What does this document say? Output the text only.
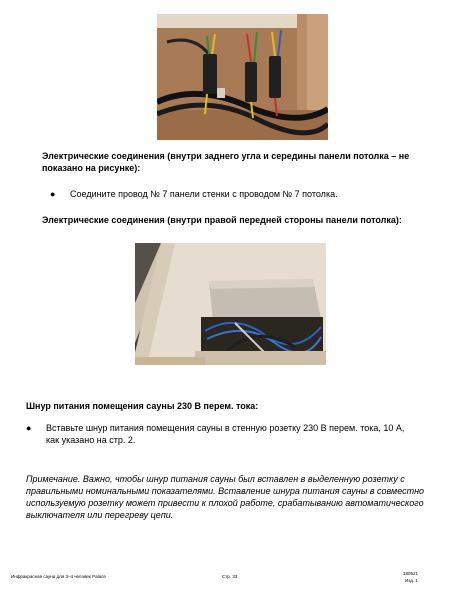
Электрические соединения (внутри заднего угла и середины панели потолка – не показано на рисунке):

●	Соедините провод № 7 панели стенки с проводом № 7 потолка.

Электрические соединения (внутри правой передней стороны панели потолка):

Шнур питания помещения сауны 230 В перем. тока:

●	Вставьте шнур питания помещения сауны в стенную розетку 230 В перем. тока, 10 А, как указано на стр. 2.

Примечание. Важно, чтобы шнур питания сауны был вставлен в выделенную розетку с правильными номинальными показателями. Вставление шнура питания сауны в совместно используемую розетку может привести к плохой работе, срабатыванию автоматического выключателя или перегреву цепи.

Инфракрасная сауна для 3–4 человек Palace	Стр. 33
180521
Изд. 1
